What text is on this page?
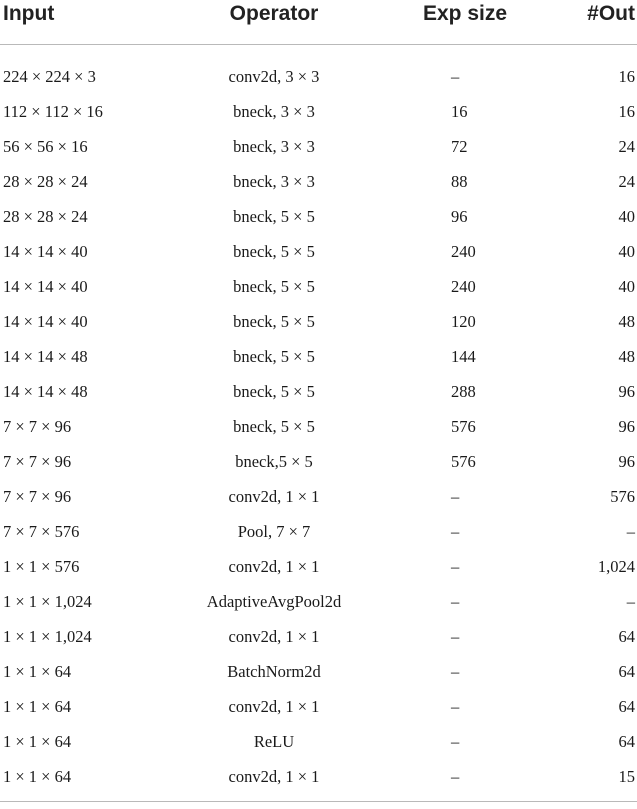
Input	Operator	Exp size	#Out
224 × 224 × 3	conv2d, 3 × 3	–	16
112 × 112 × 16	bneck, 3 × 3	16	16
56 × 56 × 16	bneck, 3 × 3	72	24
28 × 28 × 24	bneck, 3 × 3	88	24
28 × 28 × 24	bneck, 5 × 5	96	40
14 × 14 × 40	bneck, 5 × 5	240	40
14 × 14 × 40	bneck, 5 × 5	240	40
14 × 14 × 40	bneck, 5 × 5	120	48
14 × 14 × 48	bneck, 5 × 5	144	48
14 × 14 × 48	bneck, 5 × 5	288	96
7 × 7 × 96	bneck, 5 × 5	576	96
7 × 7 × 96	bneck,5 × 5	576	96
7 × 7 × 96	conv2d, 1 × 1	–	576
7 × 7 × 576	Pool, 7 × 7	–	–
1 × 1 × 576	conv2d, 1 × 1	–	1,024
1 × 1 × 1,024	AdaptiveAvgPool2d	–	–
1 × 1 × 1,024	conv2d, 1 × 1	–	64
1 × 1 × 64	BatchNorm2d	–	64
1 × 1 × 64	conv2d, 1 × 1	–	64
1 × 1 × 64	ReLU	–	64
1 × 1 × 64	conv2d, 1 × 1	–	15
